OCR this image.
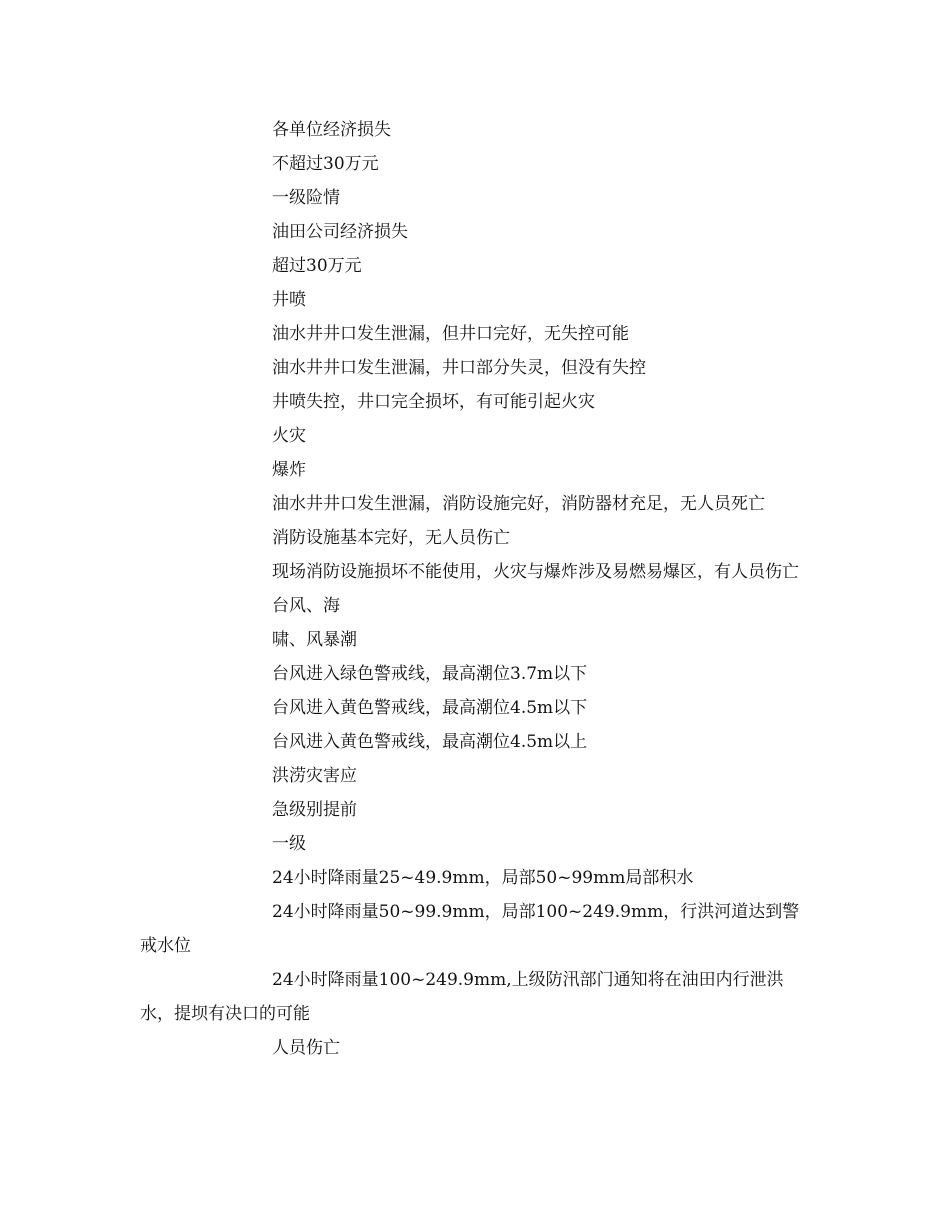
各单位经济损失

不超过30万元

一级险情

油田公司经济损失

超过30万元

井喷

油水井井口发生泄漏，但井口完好，无失控可能

油水井井口发生泄漏，井口部分失灵，但没有失控

井喷失控，井口完全损坏，有可能引起火灾

火灾

爆炸

油水井井口发生泄漏，消防设施完好，消防器材充足，无人员死亡

消防设施基本完好，无人员伤亡

现场消防设施损坏不能使用，火灾与爆炸涉及易燃易爆区，有人员伤亡

台风、海

啸、风暴潮

台风进入绿色警戒线，最高潮位3.7m以下

台风进入黄色警戒线，最高潮位4.5m以下

台风进入黄色警戒线，最高潮位4.5m以上

洪涝灾害应

急级别提前

一级

24小时降雨量25~49.9mm，局部50~99mm局部积水

24小时降雨量50~99.9mm，局部100~249.9mm，行洪河道达到警戒水位

24小时降雨量100~249.9mm,上级防汛部门通知将在油田内行泄洪水，提坝有决口的可能

人员伤亡
